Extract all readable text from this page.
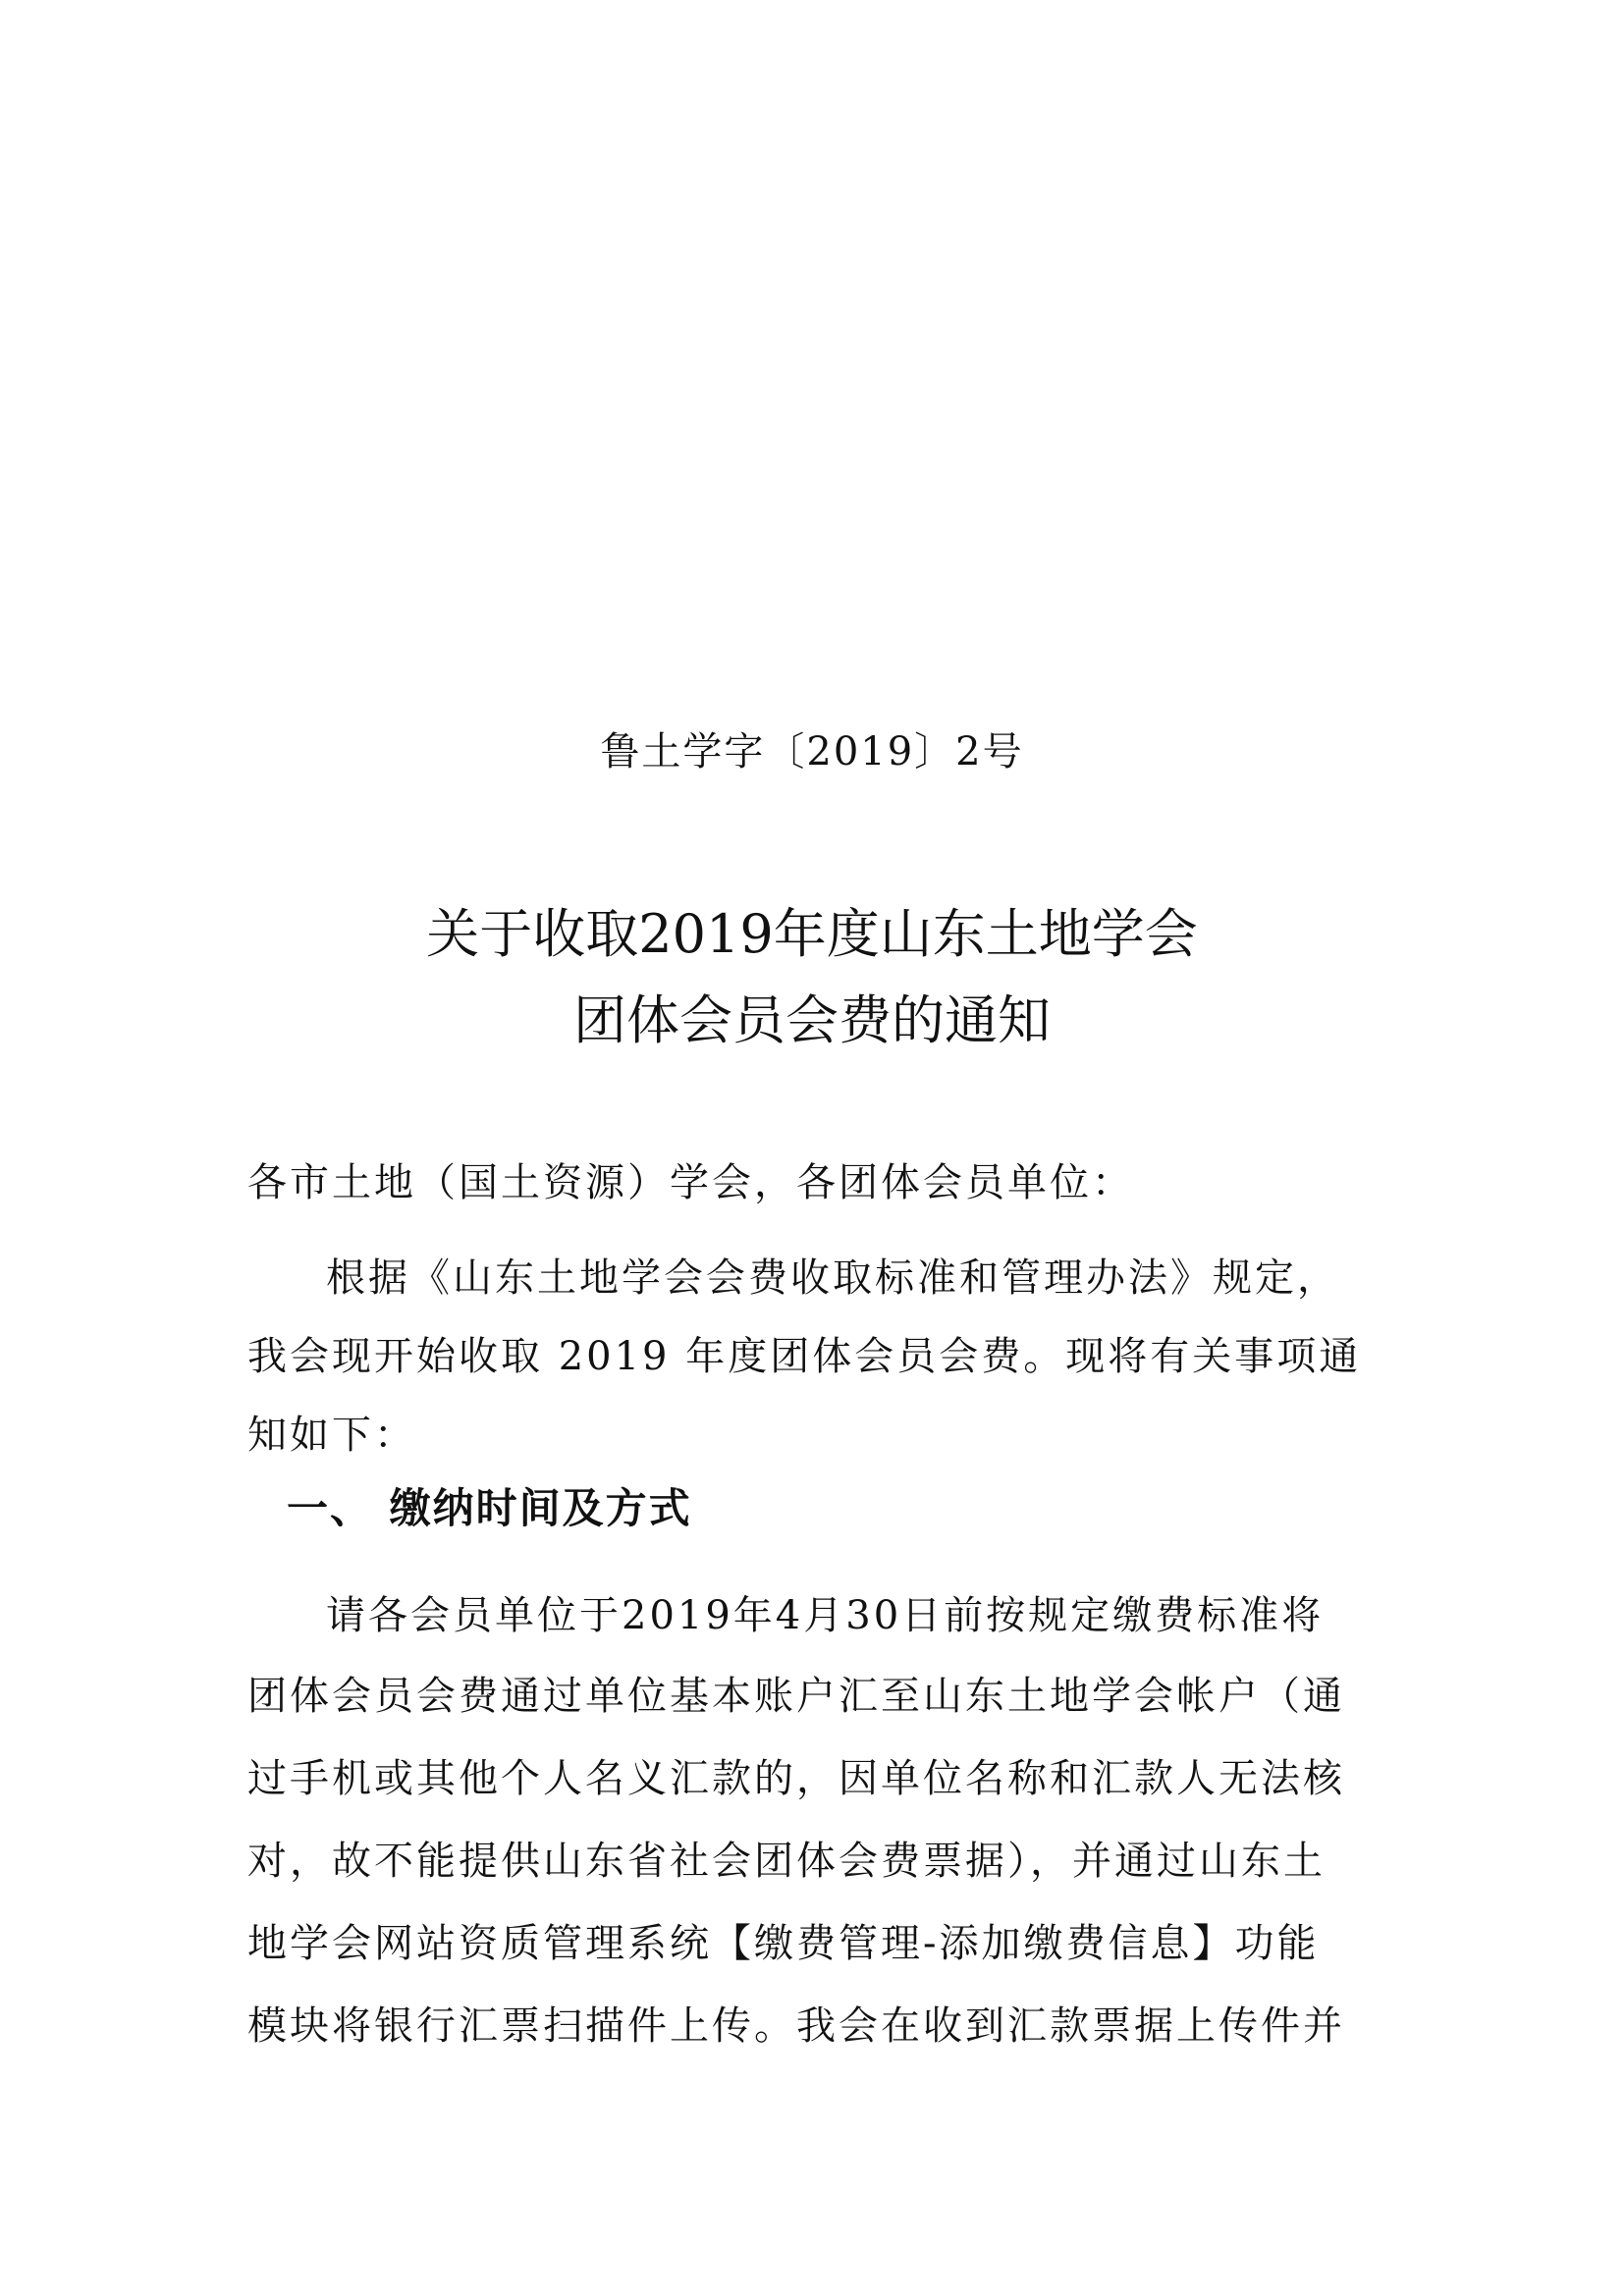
鲁土学字〔2019〕2号
关于收取2019年度山东土地学会
团体会员会费的通知
各市土地（国土资源）学会，各团体会员单位：
根据《山东土地学会会费收取标准和管理办法》规定，
我会现开始收取 2019 年度团体会员会费。现将有关事项通
知如下：
一、 缴纳时间及方式
请各会员单位于2019年4月30日前按规定缴费标准将
团体会员会费通过单位基本账户汇至山东土地学会帐户（通
过手机或其他个人名义汇款的，因单位名称和汇款人无法核
对，故不能提供山东省社会团体会费票据），并通过山东土
地学会网站资质管理系统【缴费管理-添加缴费信息】功能
模块将银行汇票扫描件上传。我会在收到汇款票据上传件并
